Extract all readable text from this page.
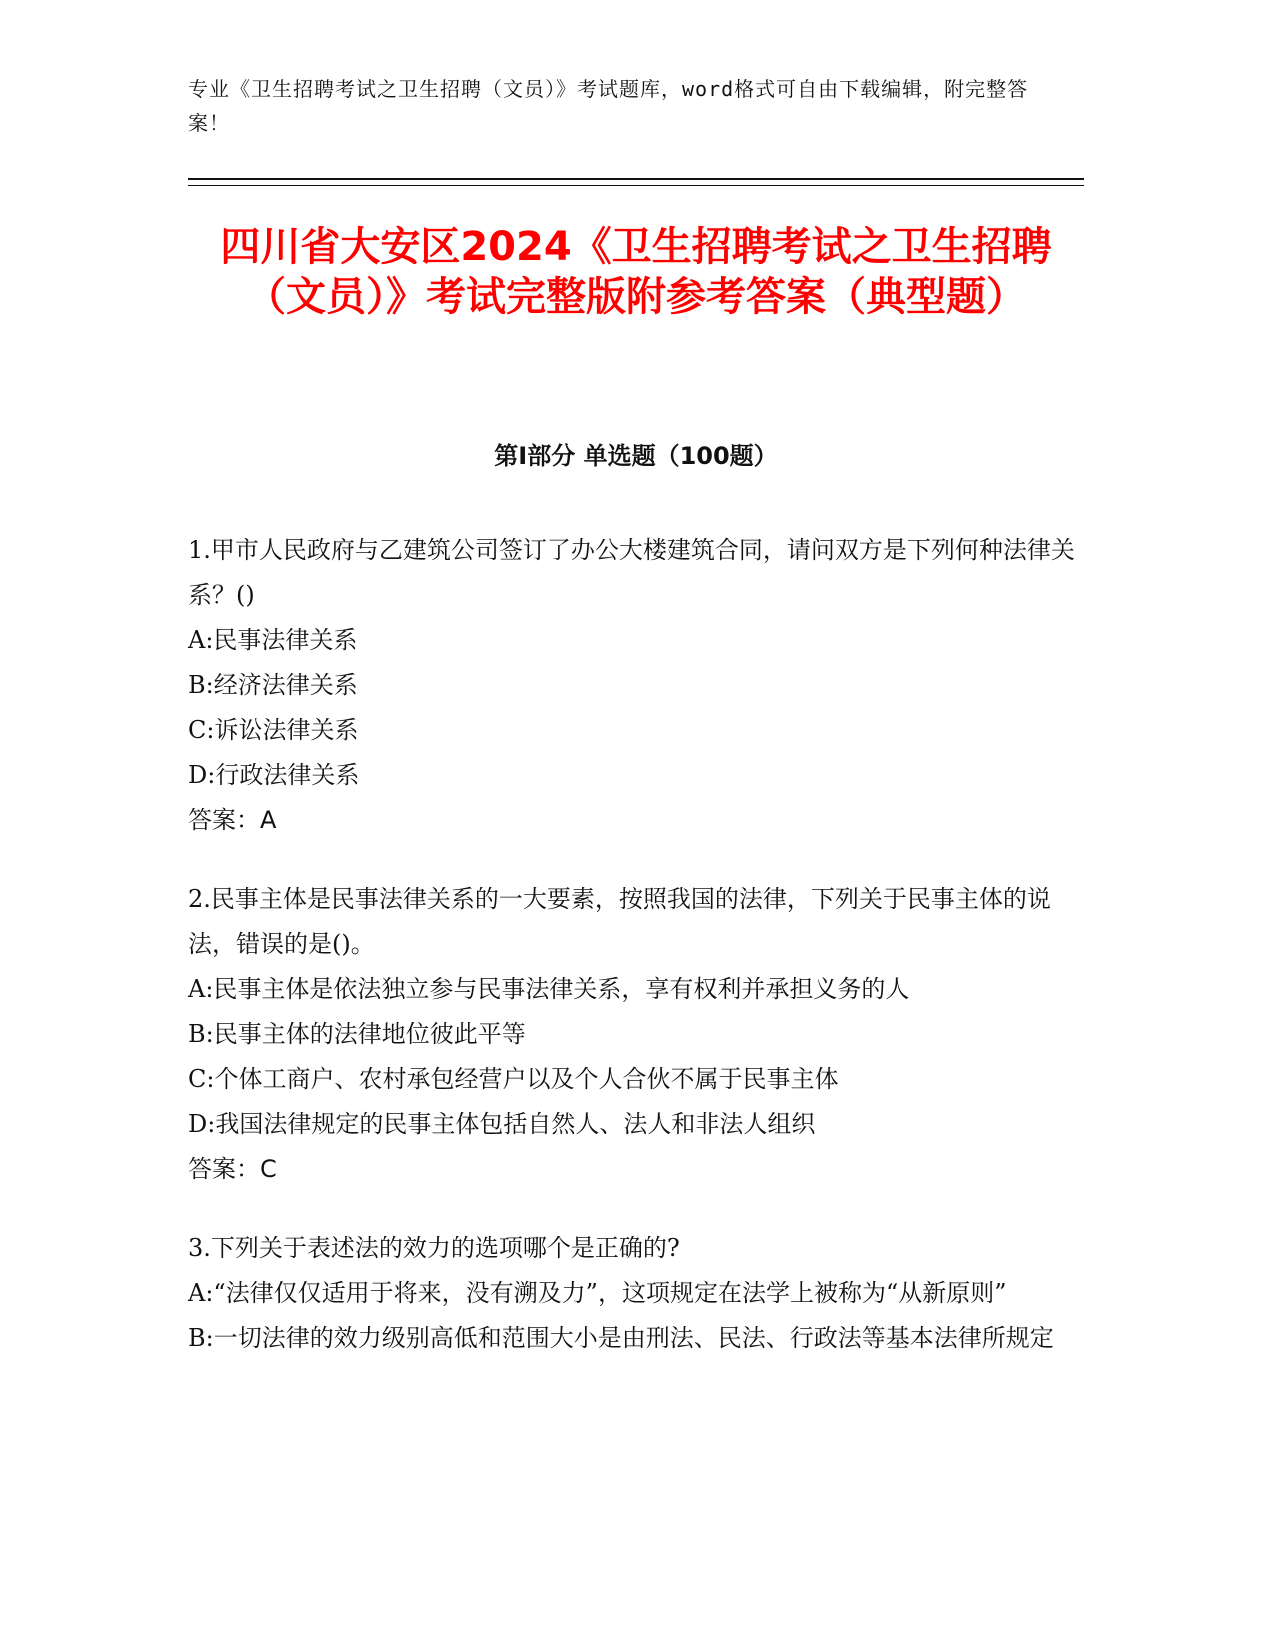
专业《卫生招聘考试之卫生招聘（文员）》考试题库，word格式可自由下载编辑，附完整答案！
四川省大安区2024《卫生招聘考试之卫生招聘（文员）》考试完整版附参考答案（典型题）
第Ⅰ部分 单选题（100题）
1.甲市人民政府与乙建筑公司签订了办公大楼建筑合同，请问双方是下列何种法律关系？()
A:民事法律关系
B:经济法律关系
C:诉讼法律关系
D:行政法律关系
答案：A
2.民事主体是民事法律关系的一大要素，按照我国的法律，下列关于民事主体的说法，错误的是()。
A:民事主体是依法独立参与民事法律关系，享有权利并承担义务的人
B:民事主体的法律地位彼此平等
C:个体工商户、农村承包经营户以及个人合伙不属于民事主体
D:我国法律规定的民事主体包括自然人、法人和非法人组织
答案：C
3.下列关于表述法的效力的选项哪个是正确的?
A:“法律仅仅适用于将来，没有溯及力”，这项规定在法学上被称为“从新原则”
B:一切法律的效力级别高低和范围大小是由刑法、民法、行政法等基本法律所规定
